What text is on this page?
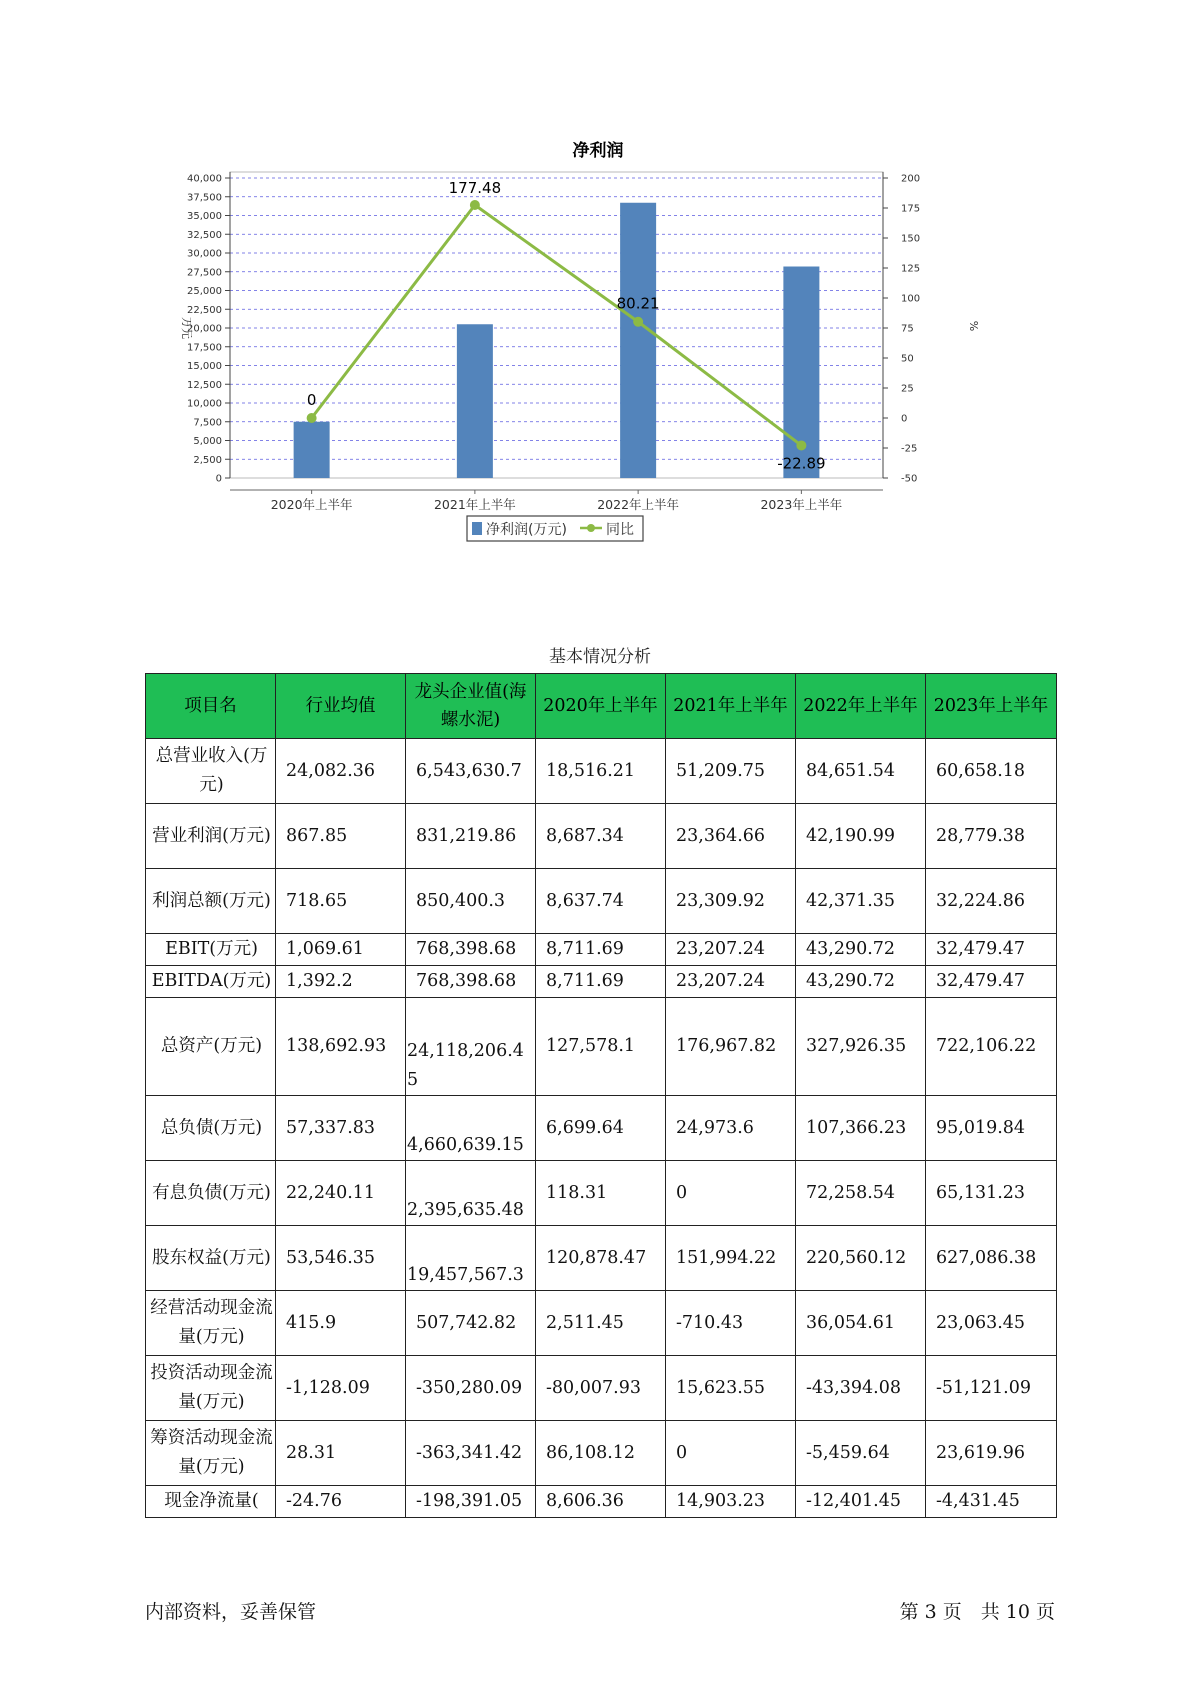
净利润
0
2,500
5,000
7,500
10,000
12,500
15,000
17,500
20,000
22,500
25,000
27,500
30,000
32,500
35,000
37,500
40,000
-50
-25
0
25
50
75
100
125
150
175
200
2020年上半年	2021年上半年	2022年上半年	2023年上半年
0
177.48
80.21
-22.89
万元	%
净利润(万元)	同比
基本情况分析
项目名	行业均值	龙头企业值(海螺水泥)	2020年上半年	2021年上半年	2022年上半年	2023年上半年
总营业收入(万元)	24,082.36	6,543,630.7	18,516.21	51,209.75	84,651.54	60,658.18
营业利润(万元)	867.85	831,219.86	8,687.34	23,364.66	42,190.99	28,779.38
利润总额(万元)	718.65	850,400.3	8,637.74	23,309.92	42,371.35	32,224.86
EBIT(万元)	1,069.61	768,398.68	8,711.69	23,207.24	43,290.72	32,479.47
EBITDA(万元)	1,392.2	768,398.68	8,711.69	23,207.24	43,290.72	32,479.47
总资产(万元)	138,692.93	24,118,206.45	127,578.1	176,967.82	327,926.35	722,106.22
总负债(万元)	57,337.83	4,660,639.15	6,699.64	24,973.6	107,366.23	95,019.84
有息负债(万元)	22,240.11	2,395,635.48	118.31	0	72,258.54	65,131.23
股东权益(万元)	53,546.35	19,457,567.3	120,878.47	151,994.22	220,560.12	627,086.38
经营活动现金流量(万元)	415.9	507,742.82	2,511.45	-710.43	36,054.61	23,063.45
投资活动现金流量(万元)	-1,128.09	-350,280.09	-80,007.93	15,623.55	-43,394.08	-51,121.09
筹资活动现金流量(万元)	28.31	-363,341.42	86,108.12	0	-5,459.64	23,619.96
现金净流量(	-24.76	-198,391.05	8,606.36	14,903.23	-12,401.45	-4,431.45
内部资料，妥善保管	第 3 页　共 10 页
